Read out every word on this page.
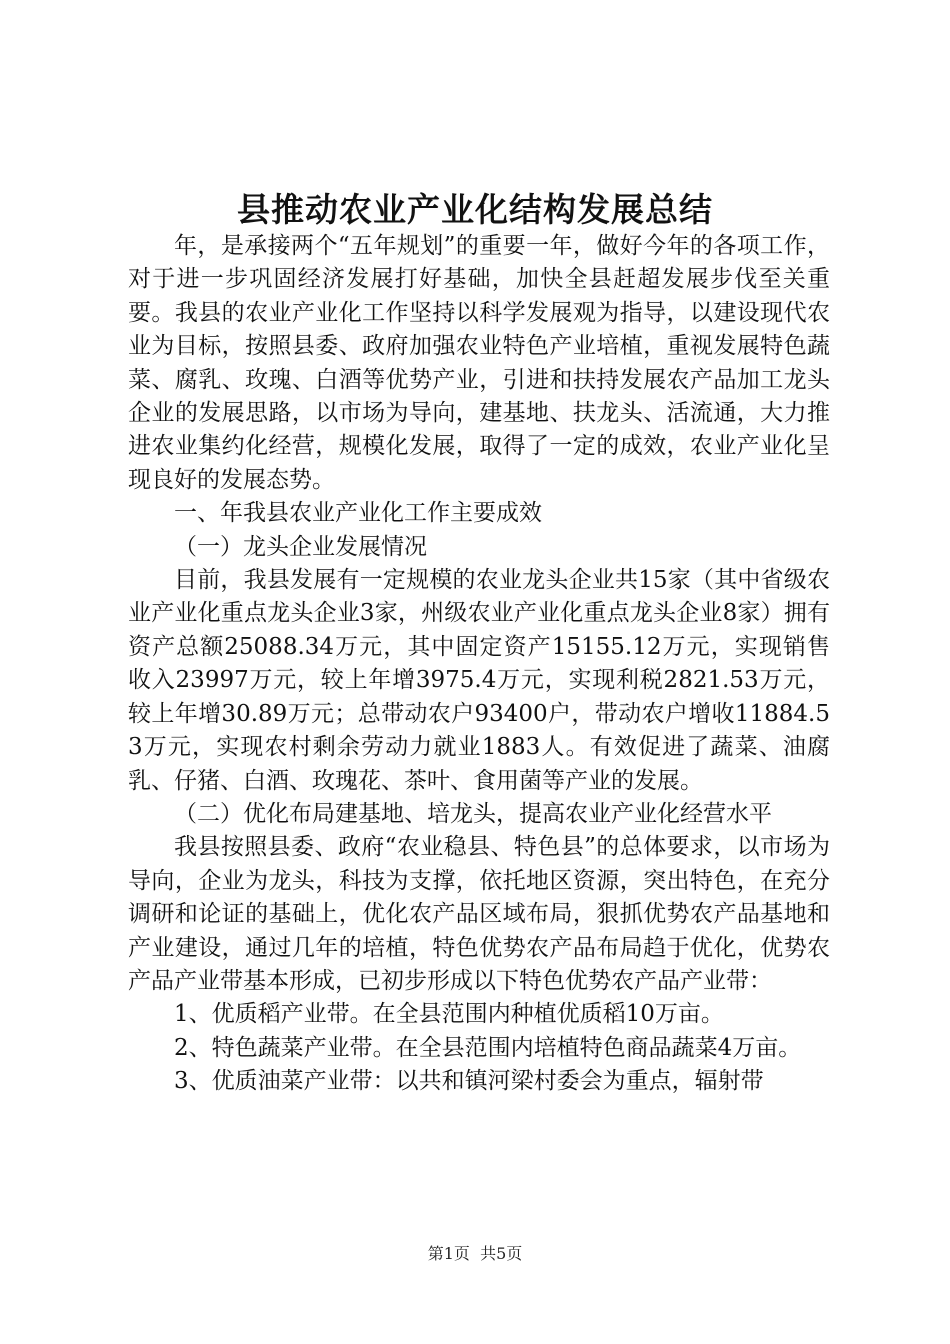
县推动农业产业化结构发展总结

年，是承接两个“五年规划”的重要一年，做好今年的各项工作，对于进一步巩固经济发展打好基础，加快全县赶超发展步伐至关重要。我县的农业产业化工作坚持以科学发展观为指导，以建设现代农业为目标，按照县委、政府加强农业特色产业培植，重视发展特色蔬菜、腐乳、玫瑰、白酒等优势产业，引进和扶持发展农产品加工龙头企业的发展思路，以市场为导向，建基地、扶龙头、活流通，大力推进农业集约化经营，规模化发展，取得了一定的成效，农业产业化呈现良好的发展态势。

一、年我县农业产业化工作主要成效

（一）龙头企业发展情况

目前，我县发展有一定规模的农业龙头企业共15家（其中省级农业产业化重点龙头企业3家，州级农业产业化重点龙头企业8家）拥有资产总额25088.34万元，其中固定资产15155.12万元，实现销售收入23997万元，较上年增3975.4万元，实现利税2821.53万元，较上年增30.89万元；总带动农户93400户，带动农户增收11884.53万元，实现农村剩余劳动力就业1883人。有效促进了蔬菜、油腐乳、仔猪、白酒、玫瑰花、茶叶、食用菌等产业的发展。

（二）优化布局建基地、培龙头，提高农业产业化经营水平

我县按照县委、政府“农业稳县、特色县”的总体要求，以市场为导向，企业为龙头，科技为支撑，依托地区资源，突出特色，在充分调研和论证的基础上，优化农产品区域布局，狠抓优势农产品基地和产业建设，通过几年的培植，特色优势农产品布局趋于优化，优势农产品产业带基本形成，已初步形成以下特色优势农产品产业带：

1、优质稻产业带。在全县范围内种植优质稻10万亩。

2、特色蔬菜产业带。在全县范围内培植特色商品蔬菜4万亩。

3、优质油菜产业带：以共和镇河梁村委会为重点，辐射带

第1页  共5页
